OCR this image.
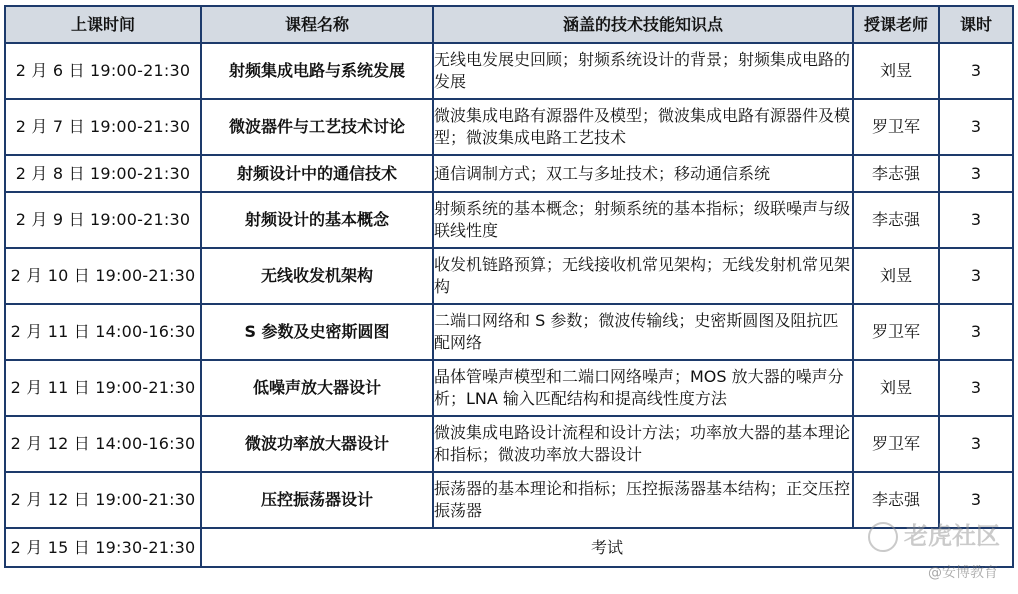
上课时间	课程名称	涵盖的技术技能知识点	授课老师	课时
2 月 6 日 19:00-21:30	射频集成电路与系统发展	无线电发展史回顾；射频系统设计的背景；射频集成电路的发展	刘昱	3
2 月 7 日 19:00-21:30	微波器件与工艺技术讨论	微波集成电路有源器件及模型；微波集成电路有源器件及模型；微波集成电路工艺技术	罗卫军	3
2 月 8 日 19:00-21:30	射频设计中的通信技术	通信调制方式；双工与多址技术；移动通信系统	李志强	3
2 月 9 日 19:00-21:30	射频设计的基本概念	射频系统的基本概念；射频系统的基本指标；级联噪声与级联线性度	李志强	3
2 月 10 日 19:00-21:30	无线收发机架构	收发机链路预算；无线接收机常见架构；无线发射机常见架构	刘昱	3
2 月 11 日 14:00-16:30	S 参数及史密斯圆图	二端口网络和 S 参数；微波传输线；史密斯圆图及阻抗匹配网络	罗卫军	3
2 月 11 日 19:00-21:30	低噪声放大器设计	晶体管噪声模型和二端口网络噪声；MOS 放大器的噪声分析；LNA 输入匹配结构和提高线性度方法	刘昱	3
2 月 12 日 14:00-16:30	微波功率放大器设计	微波集成电路设计流程和设计方法；功率放大器的基本理论和指标；微波功率放大器设计	罗卫军	3
2 月 12 日 19:00-21:30	压控振荡器设计	振荡器的基本理论和指标；压控振荡器基本结构；正交压控振荡器	李志强	3
2 月 15 日 19:30-21:30	考试				老虎社区
@安博教育
